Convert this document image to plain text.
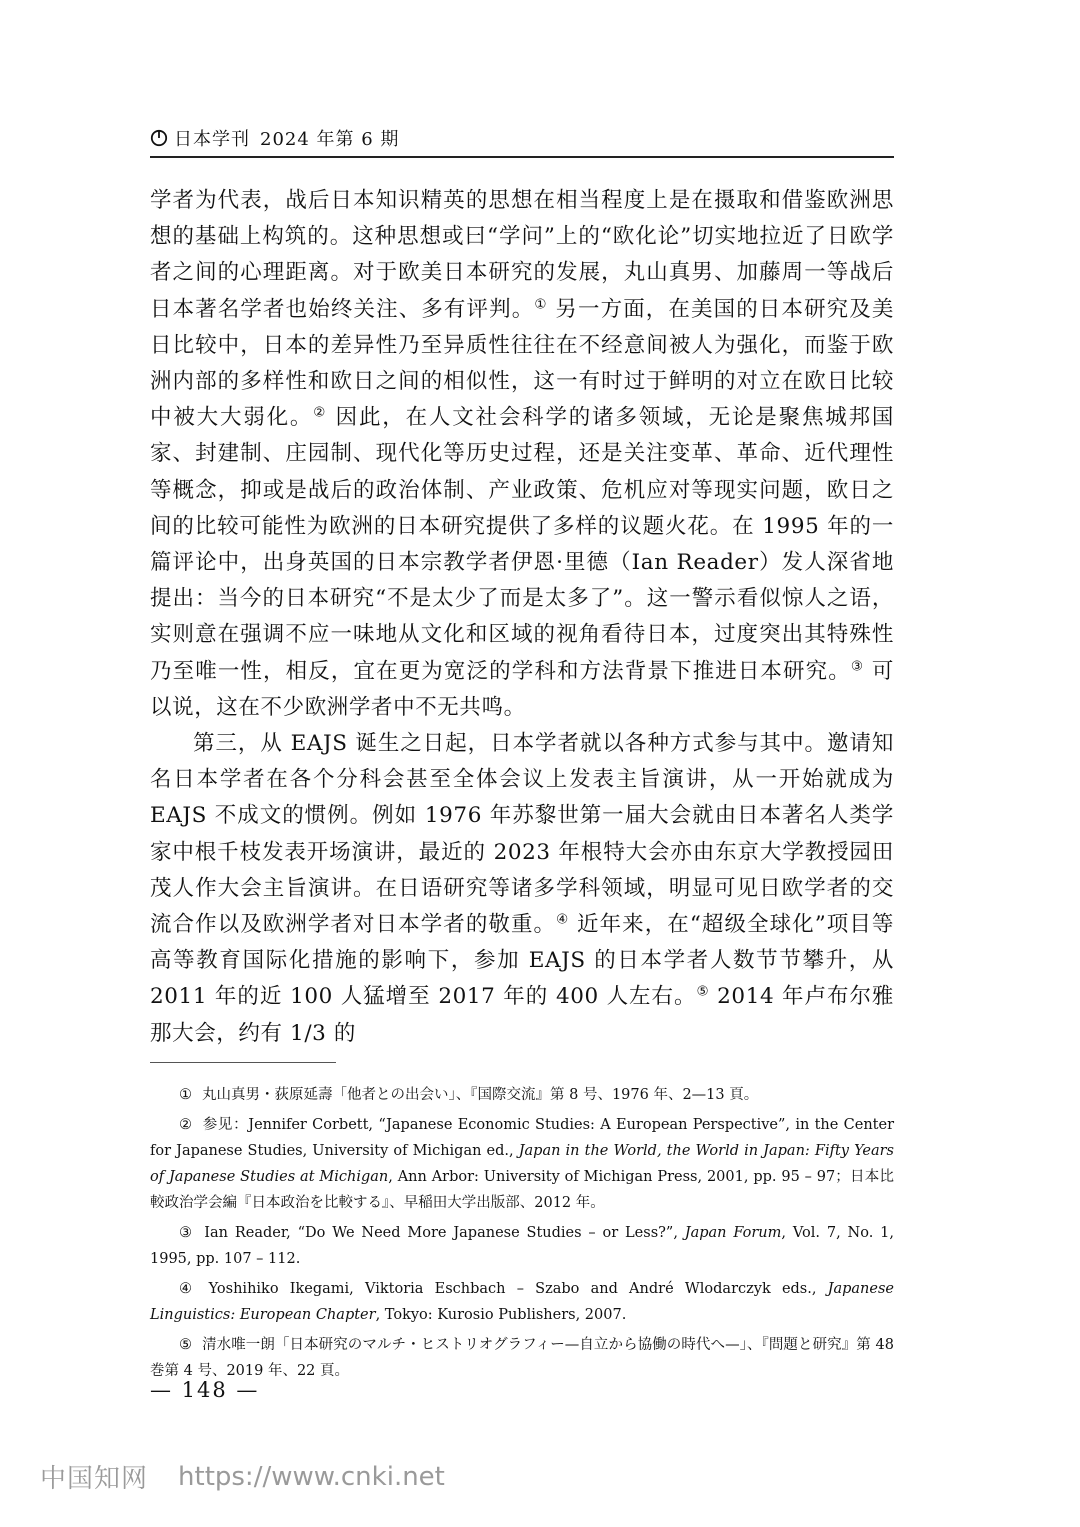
日本学刊 2024 年第 6 期

学者为代表，战后日本知识精英的思想在相当程度上是在摄取和借鉴欧洲思想的基础上构筑的。这种思想或曰“学问”上的“欧化论”切实地拉近了日欧学者之间的心理距离。对于欧美日本研究的发展，丸山真男、加藤周一等战后日本著名学者也始终关注、多有评判。① 另一方面，在美国的日本研究及美日比较中，日本的差异性乃至异质性往往在不经意间被人为强化，而鉴于欧洲内部的多样性和欧日之间的相似性，这一有时过于鲜明的对立在欧日比较中被大大弱化。② 因此，在人文社会科学的诸多领域，无论是聚焦城邦国家、封建制、庄园制、现代化等历史过程，还是关注变革、革命、近代理性等概念，抑或是战后的政治体制、产业政策、危机应对等现实问题，欧日之间的比较可能性为欧洲的日本研究提供了多样的议题火花。在 1995 年的一篇评论中，出身英国的日本宗教学者伊恩·里德（Ian Reader）发人深省地提出：当今的日本研究“不是太少了而是太多了”。这一警示看似惊人之语，实则意在强调不应一味地从文化和区域的视角看待日本，过度突出其特殊性乃至唯一性，相反，宜在更为宽泛的学科和方法背景下推进日本研究。③ 可以说，这在不少欧洲学者中不无共鸣。

第三，从 EAJS 诞生之日起，日本学者就以各种方式参与其中。邀请知名日本学者在各个分科会甚至全体会议上发表主旨演讲，从一开始就成为 EAJS 不成文的惯例。例如 1976 年苏黎世第一届大会就由日本著名人类学家中根千枝发表开场演讲，最近的 2023 年根特大会亦由东京大学教授园田茂人作大会主旨演讲。在日语研究等诸多学科领域，明显可见日欧学者的交流合作以及欧洲学者对日本学者的敬重。④ 近年来，在“超级全球化”项目等高等教育国际化措施的影响下，参加 EAJS 的日本学者人数节节攀升，从 2011 年的近 100 人猛增至 2017 年的 400 人左右。⑤ 2014 年卢布尔雅那大会，约有 1/3 的

① 丸山真男・荻原延壽「他者との出会い」、『国際交流』第 8 号、1976 年、2—13 頁。

② 参见：Jennifer Corbett, “Japanese Economic Studies: A European Perspective”, in the Center for Japanese Studies, University of Michigan ed., Japan in the World, the World in Japan: Fifty Years of Japanese Studies at Michigan, Ann Arbor: University of Michigan Press, 2001, pp. 95 – 97；日本比較政治学会編『日本政治を比較する』、早稲田大学出版部、2012 年。

③ Ian Reader, “Do We Need More Japanese Studies – or Less?”, Japan Forum, Vol. 7, No. 1, 1995, pp. 107 – 112.

④ Yoshihiko Ikegami, Viktoria Eschbach – Szabo and André Wlodarczyk eds., Japanese Linguistics: European Chapter, Tokyo: Kurosio Publishers, 2007.

⑤ 清水唯一朗「日本研究のマルチ・ヒストリオグラフィー—自立から協働の時代へ—」、『問題と研究』第 48 巻第 4 号、2019 年、22 頁。

— 148 —
中国知网 https://www.cnki.net
